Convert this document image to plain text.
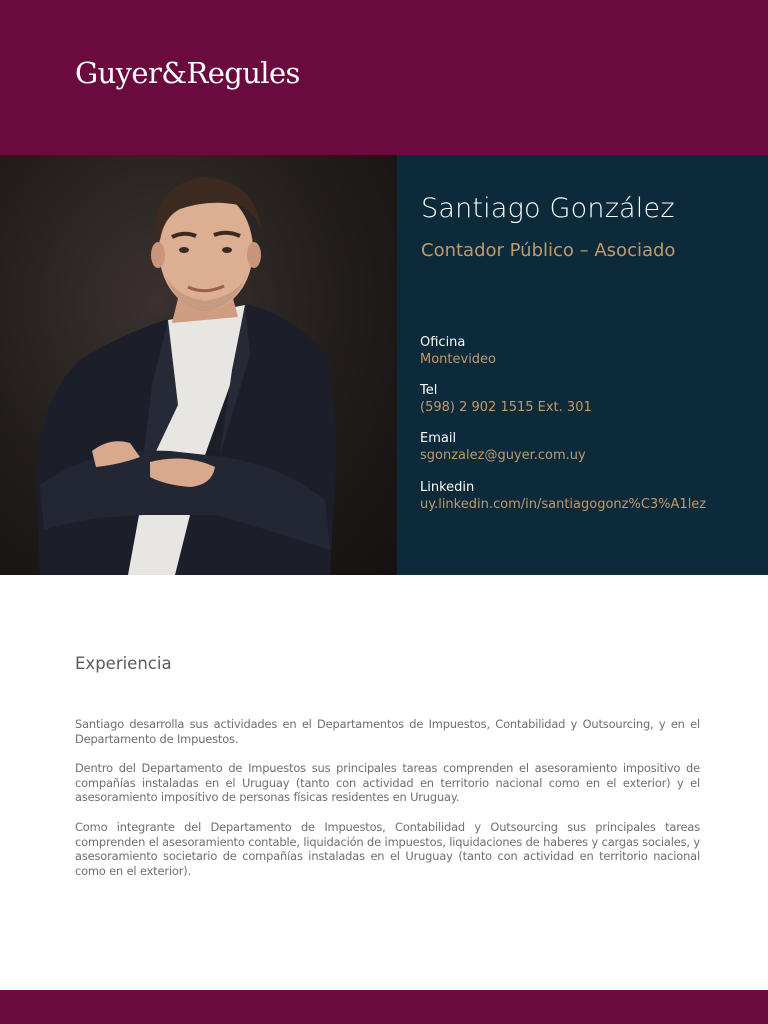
Guyer&Regules
Santiago González
Contador Público – Asociado
Oficina
Montevideo
Tel
(598) 2 902 1515 Ext. 301
Email
sgonzalez@guyer.com.uy
Linkedin
uy.linkedin.com/in/santiagogonz%C3%A1lez
Experiencia

Santiago desarrolla sus actividades en el Departamentos de Impuestos, Contabilidad y Outsourcing, y en el Departamento de Impuestos.

Dentro del Departamento de Impuestos sus principales tareas comprenden el asesoramiento impositivo de compañías instaladas en el Uruguay (tanto con actividad en territorio nacional como en el exterior) y el asesoramiento impositivo de personas físicas residentes en Uruguay.

Como integrante del Departamento de Impuestos, Contabilidad y Outsourcing sus principales tareas comprenden el asesoramiento contable, liquidación de impuestos, liquidaciones de haberes y cargas sociales, y asesoramiento societario de compañías instaladas en el Uruguay (tanto con actividad en territorio nacional como en el exterior).
